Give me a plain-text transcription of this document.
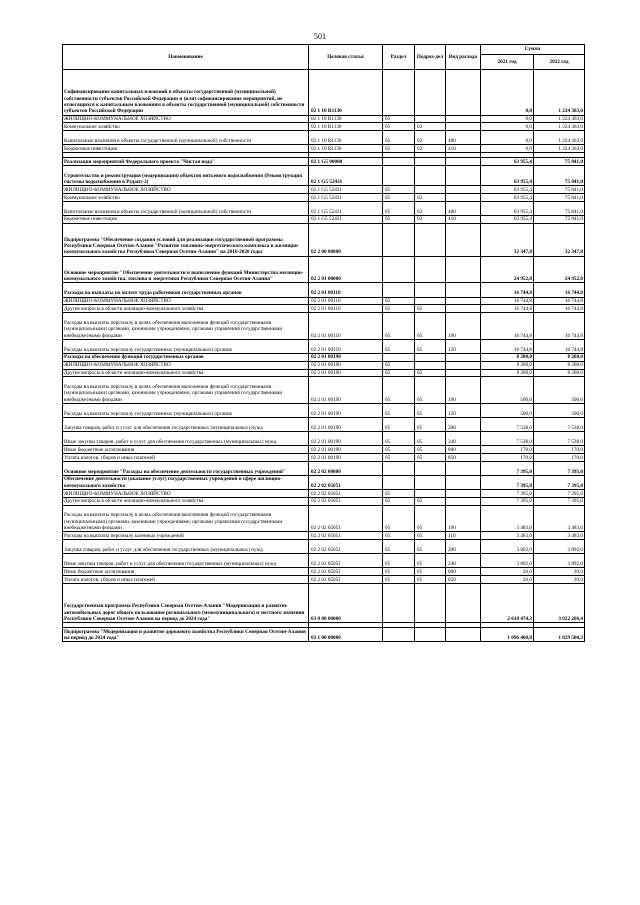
501
Наименование	Целевая статья	Раздел	Подраз-дел	Вид расхода	Сумма	
					2021 год	2022 год
Софинансирование капитальных вложений в объекты государственной (муниципальной) собственности субъектов Российской Федерации и (или) софинансирование мероприятий, не относящихся к капитальным вложениям в объекты государственной (муниципальной) собственности субъектов Российской Федерации	02 1 10 R1130				0,0	1 224 363,0
ЖИЛИЩНО-КОММУНАЛЬНОЕ ХОЗЯЙСТВО	02 1 10 R1130	05			0,0	1 224 363,0
Коммунальное хозяйство	02 1 10 R1130	05	02		0,0	1 224 363,0
Капитальные вложения в объекты государственной (муниципальной) собственности	02 1 10 R1130	05	02	400	0,0	1 224 363,0
Бюджетные инвестиции	02 1 10 R1130	05	02	410	0,0	1 224 363,0

Реализация мероприятий Федерального проекта "Чистая вода"	02 1 G5 00000				63 955,4	75 841,0
Строительство и реконструкция (модернизация) объектов питьевого водоснабжения (Реконструкция системы водоснабжения в Редант-2)	02 1 G5 52431				63 955,4	75 841,0
ЖИЛИЩНО-КОММУНАЛЬНОЕ ХОЗЯЙСТВО	02 1 G5 52431	05			63 955,4	75 841,0
Коммунальное хозяйство	02 1 G5 52431	05	02		63 955,4	75 841,0
Капитальные вложения в объекты государственной (муниципальной) собственности	02 1 G5 52431	05	02	400	63 955,4	75 841,0
Бюджетные инвестиции	02 1 G5 52431	05	02	410	63 955,4	75 841,0
Подпрограмма "Обеспечение создания условий для реализации государственной программы Республики Северная Осетия-Алания "Развитие топливно-энергетического комплекса и жилищно-коммунального хозяйства Республики Северная Осетия-Алания" на 2016-2020 годы	02 2 00 00000				32 347,8	32 347,8
Основное мероприятие "Обеспечение деятельности и выполнение функций Министерства жилищно-коммунального хозяйства, топлива и энергетики Республики Северная Осетия-Алания"	02 2 01 00000				24 952,8	24 952,8
Расходы на выплаты по оплате труда работников государственных органов	02 2 01 00110				16 744,8	16 744,8
ЖИЛИЩНО-КОММУНАЛЬНОЕ ХОЗЯЙСТВО	02 2 01 00110	05			16 744,8	16 744,8
Другие вопросы в области жилищно-коммунального хозяйства	02 2 01 00110	05	05		16 744,8	16 744,8
Расходы на выплаты персоналу в целях обеспечения выполнения функций государственными (муниципальными) органами, казенными учреждениями, органами управления государственными внебюджетными фондами	02 2 01 00110	05	05	100	16 744,8	16 744,8
Расходы на выплаты персоналу государственных (муниципальных) органов	02 2 01 00110	05	05	120	16 744,8	16 744,8
Расходы на обеспечение функций государственных органов	02 2 01 00190				8 208,0	8 208,0
ЖИЛИЩНО-КОММУНАЛЬНОЕ ХОЗЯЙСТВО	02 2 01 00190	05			8 208,0	8 208,0
Другие вопросы в области жилищно-коммунального хозяйства	02 2 01 00190	05	05		8 208,0	8 208,0
Расходы на выплаты персоналу в целях обеспечения выполнения функций государственными (муниципальными) органами, казенными учреждениями, органами управления государственными внебюджетными фондами	02 2 01 00190	05	05	100	500,0	500,0
Расходы на выплаты персоналу государственных (муниципальных) органов	02 2 01 00190	05	05	120	500,0	500,0
Закупка товаров, работ и услуг для обеспечения государственных (муниципальных) нужд	02 2 01 00190	05	05	200	7 538,0	7 538,0
Иные закупки товаров, работ и услуг для обеспечения государственных (муниципальных) нужд	02 2 01 00190	05	05	240	7 538,0	7 538,0
Иные бюджетные ассигнования	02 2 01 00190	05	05	800	170,0	170,0
Уплата налогов, сборов и иных платежей	02 2 01 00190	05	05	850	170,0	170,0
Основное мероприятие "Расходы на обеспечение деятельности государственных учреждений"	02 2 02 00000				7 395,0	7 395,0
Обеспечение деятельности (оказание услуг) государственных учреждений в сфере жилищно-коммунального хозяйства	02 2 02 05051				7 395,0	7 395,0
ЖИЛИЩНО-КОММУНАЛЬНОЕ ХОЗЯЙСТВО	02 2 02 05051	05			7 395,0	7 395,0
Другие вопросы в области жилищно-коммунального хозяйства	02 2 02 05051	05	05		7 395,0	7 395,0
Расходы на выплаты персоналу в целях обеспечения выполнения функций государственными (муниципальными) органами, казенными учреждениями, органами управления государственными внебюджетными фондами	02 2 02 05051	05	05	100	3 483,0	3 483,0
Расходы на выплаты персоналу казенных учреждений	02 2 02 05051	05	05	110	3 483,0	3 483,0
Закупка товаров, работ и услуг для обеспечения государственных (муниципальных) нужд	02 2 02 05051	05	05	200	3 892,0	3 892,0
Иные закупки товаров, работ и услуг для обеспечения государственных (муниципальных) нужд	02 2 02 05051	05	05	240	3 892,0	3 892,0
Иные бюджетные ассигнования	02 2 02 05051	05	05	800	20,0	20,0
Уплата налогов, сборов и иных платежей	02 2 02 05051	05	05	850	20,0	20,0
Государственная программа Республики Северная Осетия-Алания "Модернизация и развитие автомобильных дорог общего пользования регионального (межмуниципального) и местного значения Республики Северная Осетия-Алания на период до 2024 года"	03 0 00 00000				2 610 474,3	3 022 266,4

Подпрограмма "Модернизация и развитие дорожного хозяйства Республики Северная Осетия-Алания на период до 2024 года"	03 1 00 00000				1 096 400,0	1 829 500,3
